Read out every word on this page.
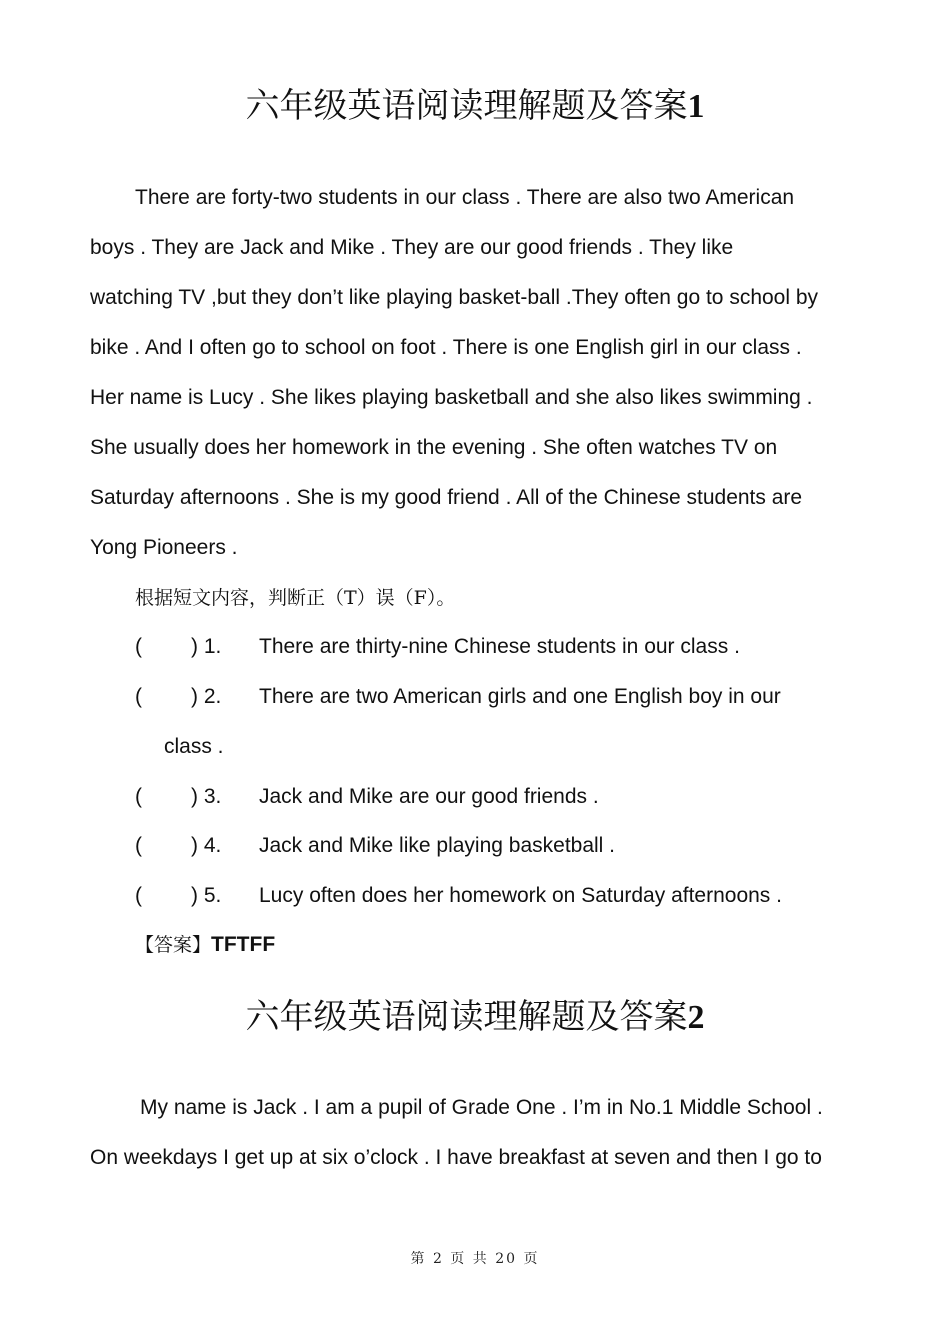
六年级英语阅读理解题及答案1

There are forty-two students in our class . There are also two American

boys . They are Jack and Mike . They are our good friends . They like

watching TV ,but they don’t like playing basket-ball .They often go to school by

bike . And I often go to school on foot . There is one English girl in our class .

Her name is Lucy . She likes playing basketball and she also likes swimming .

She usually does her homework in the evening . She often watches TV on

Saturday afternoons . She is my good friend . All of the Chinese students are

Yong Pioneers .

根据短文内容，判断正（T）误（F）。

( ) 1. There are thirty-nine Chinese students in our class .
( ) 2. There are two American girls and one English boy in our

class .

( ) 3. Jack and Mike are our good friends .
( ) 4. Jack and Mike like playing basketball .
( ) 5. Lucy often does her homework on Saturday afternoons .
【答案】TFTFF
六年级英语阅读理解题及答案2

My name is Jack . I am a pupil of Grade One . I’m in No.1 Middle School .

On weekdays I get up at six o’clock . I have breakfast at seven and then I go to

第 2 页 共 20 页
